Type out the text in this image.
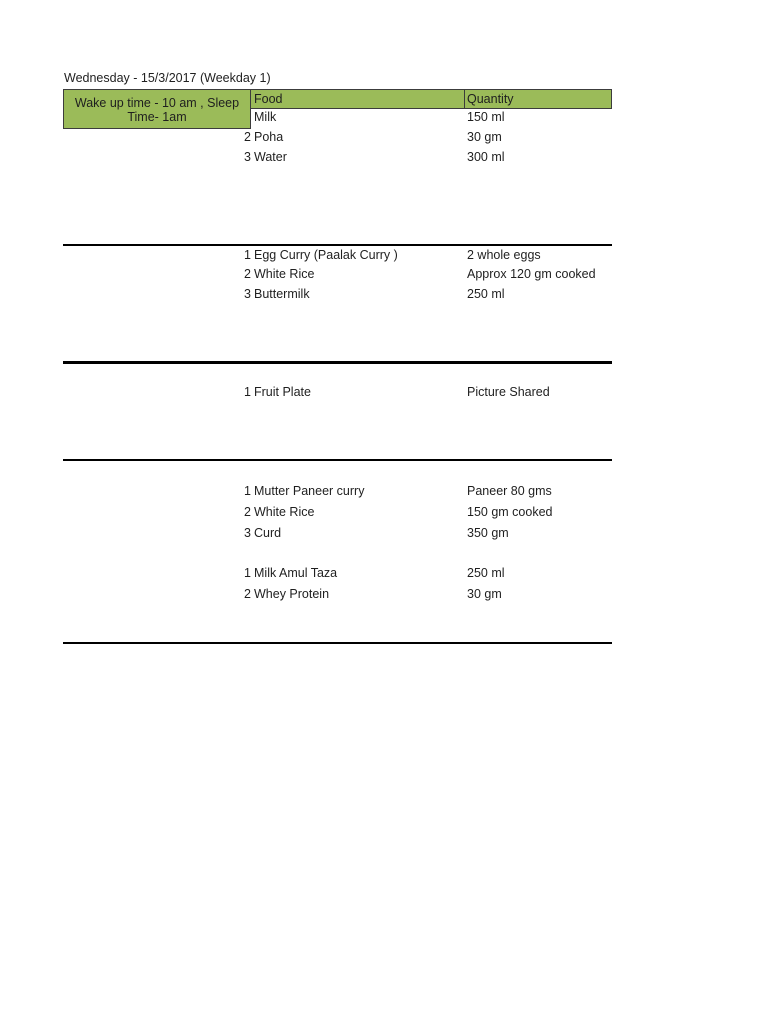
Wednesday - 15/3/2017 (Weekday 1)
Wake up time - 10 am , Sleep Time- 1am
Food	Quantity
Milk	150 ml
2 Poha	30 gm
3 Water	300 ml
1 Egg Curry (Paalak Curry )	2 whole eggs
2 White Rice	Approx 120 gm cooked
3 Buttermilk	250 ml
1 Fruit Plate	Picture Shared
1 Mutter Paneer curry	Paneer 80 gms
2 White Rice	150 gm cooked
3 Curd	350 gm
1 Milk Amul Taza	250 ml
2 Whey Protein	30 gm
